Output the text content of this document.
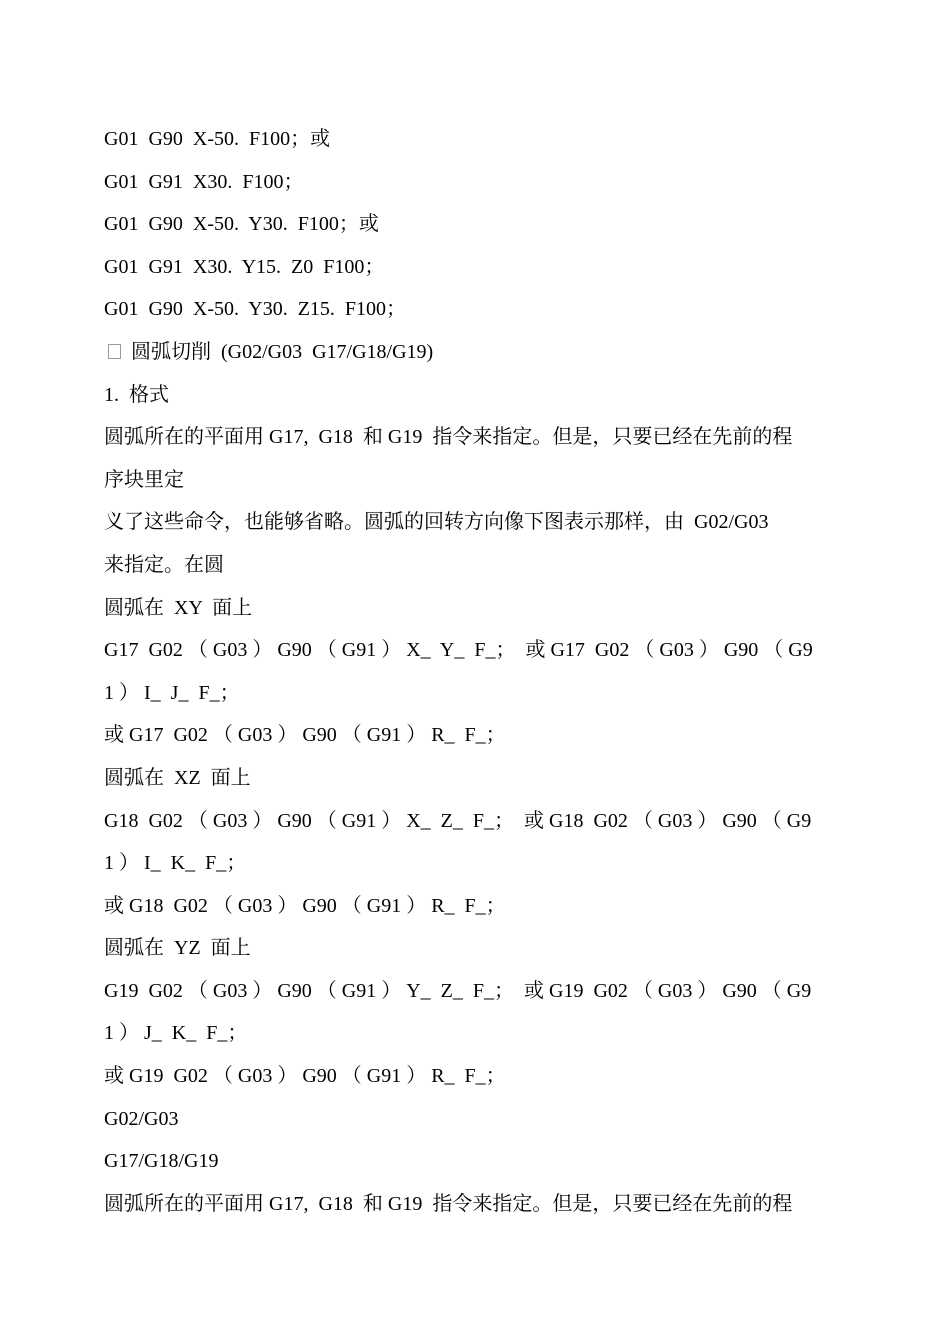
G01  G90  X-50.  F100；或

G01  G91  X30.  F100；

G01  G90  X-50.  Y30.  F100；或

G01  G91  X30.  Y15.  Z0  F100；

G01  G90  X-50.  Y30.  Z15.  F100；

圆弧切削  (G02/G03  G17/G18/G19)

1.  格式

圆弧所在的平面用 G17,  G18  和 G19  指令来指定。但是，只要已经在先前的程

序块里定

义了这些命令，也能够省略。圆弧的回转方向像下图表示那样，由  G02/G03

来指定。在圆

圆弧在  XY  面上

G17  G02 （ G03 ） G90 （ G91 ） X_  Y_  F_；  或 G17  G02 （ G03 ） G90 （ G9

1 ） I_  J_  F_；

或 G17  G02 （ G03 ） G90 （ G91 ） R_  F_；

圆弧在  XZ  面上

G18  G02 （ G03 ） G90 （ G91 ） X_  Z_  F_；  或 G18  G02 （ G03 ） G90 （ G9

1 ） I_  K_  F_；

或 G18  G02 （ G03 ） G90 （ G91 ） R_  F_；

圆弧在  YZ  面上

G19  G02 （ G03 ） G90 （ G91 ） Y_  Z_  F_；  或 G19  G02 （ G03 ） G90 （ G9

1 ） J_  K_  F_；

或 G19  G02 （ G03 ） G90 （ G91 ） R_  F_；

G02/G03

G17/G18/G19

圆弧所在的平面用 G17,  G18  和 G19  指令来指定。但是，只要已经在先前的程
